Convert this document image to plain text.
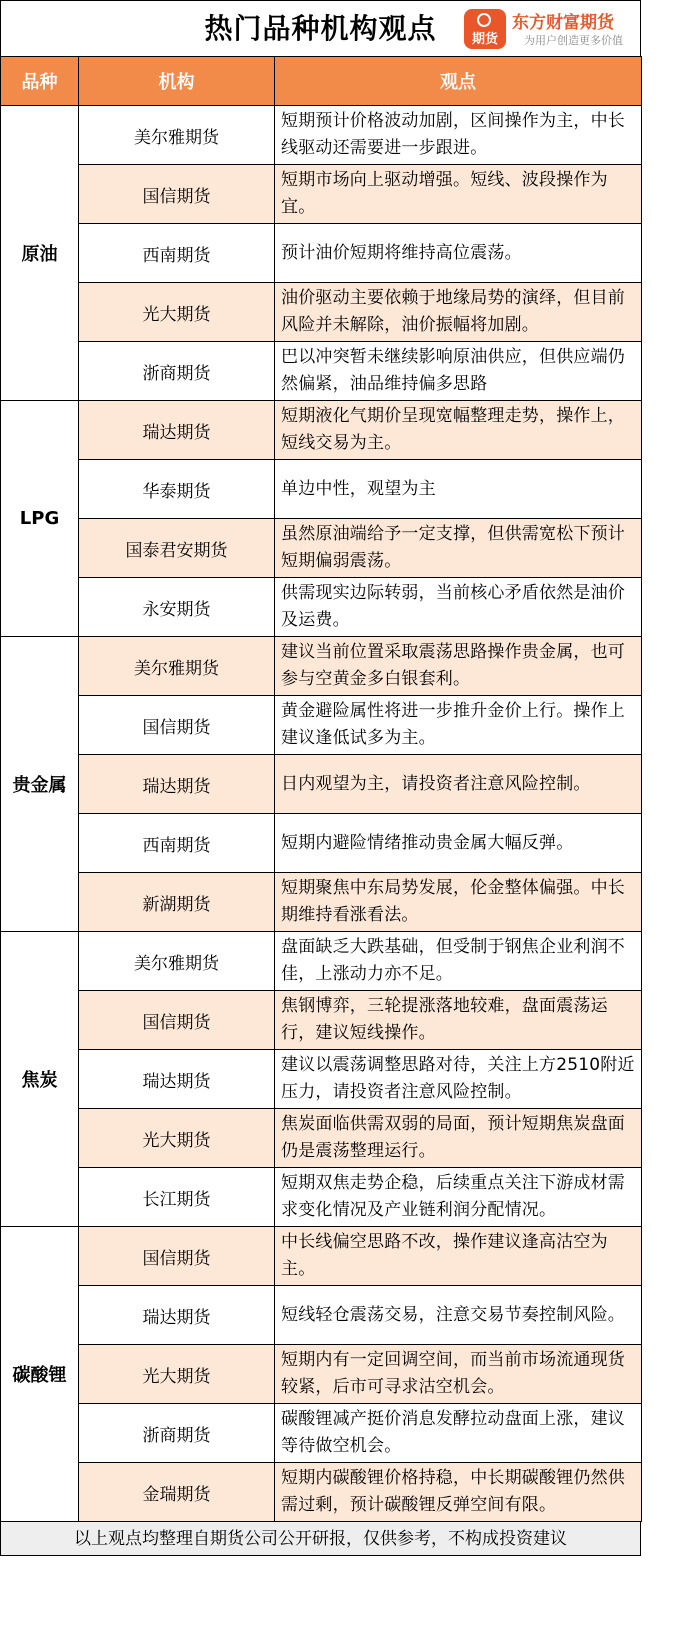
热门品种机构观点	期货
东方财富期货
为用户创造更多价值
品种	机构	观点
原油	美尔雅期货	短期预计价格波动加剧，区间操作为主，中长线驱动还需要进一步跟进。
	国信期货	短期市场向上驱动增强。短线、波段操作为宜。
	西南期货	预计油价短期将维持高位震荡。
	光大期货	油价驱动主要依赖于地缘局势的演绎，但目前风险并未解除，油价振幅将加剧。
	浙商期货	巴以冲突暂未继续影响原油供应，但供应端仍然偏紧，油品维持偏多思路
LPG	瑞达期货	短期液化气期价呈现宽幅整理走势，操作上，短线交易为主。
	华泰期货	单边中性，观望为主
	国泰君安期货	虽然原油端给予一定支撑，但供需宽松下预计短期偏弱震荡。
	永安期货	供需现实边际转弱，当前核心矛盾依然是油价及运费。
贵金属	美尔雅期货	建议当前位置采取震荡思路操作贵金属，也可参与空黄金多白银套利。
	国信期货	黄金避险属性将进一步推升金价上行。操作上建议逢低试多为主。
	瑞达期货	日内观望为主，请投资者注意风险控制。
	西南期货	短期内避险情绪推动贵金属大幅反弹。
	新湖期货	短期聚焦中东局势发展，伦金整体偏强。中长期维持看涨看法。
焦炭	美尔雅期货	盘面缺乏大跌基础，但受制于钢焦企业利润不佳，上涨动力亦不足。
	国信期货	焦钢博弈，三轮提涨落地较难，盘面震荡运行，建议短线操作。
	瑞达期货	建议以震荡调整思路对待，关注上方2510附近压力，请投资者注意风险控制。
	光大期货	焦炭面临供需双弱的局面，预计短期焦炭盘面仍是震荡整理运行。
	长江期货	短期双焦走势企稳，后续重点关注下游成材需求变化情况及产业链利润分配情况。
碳酸锂	国信期货	中长线偏空思路不改，操作建议逢高沽空为主。
	瑞达期货	短线轻仓震荡交易，注意交易节奏控制风险。
	光大期货	短期内有一定回调空间，而当前市场流通现货较紧，后市可寻求沽空机会。
	浙商期货	碳酸锂减产挺价消息发酵拉动盘面上涨，建议等待做空机会。
	金瑞期货	短期内碳酸锂价格持稳，中长期碳酸锂仍然供需过剩，预计碳酸锂反弹空间有限。
以上观点均整理自期货公司公开研报，仅供参考，不构成投资建议
